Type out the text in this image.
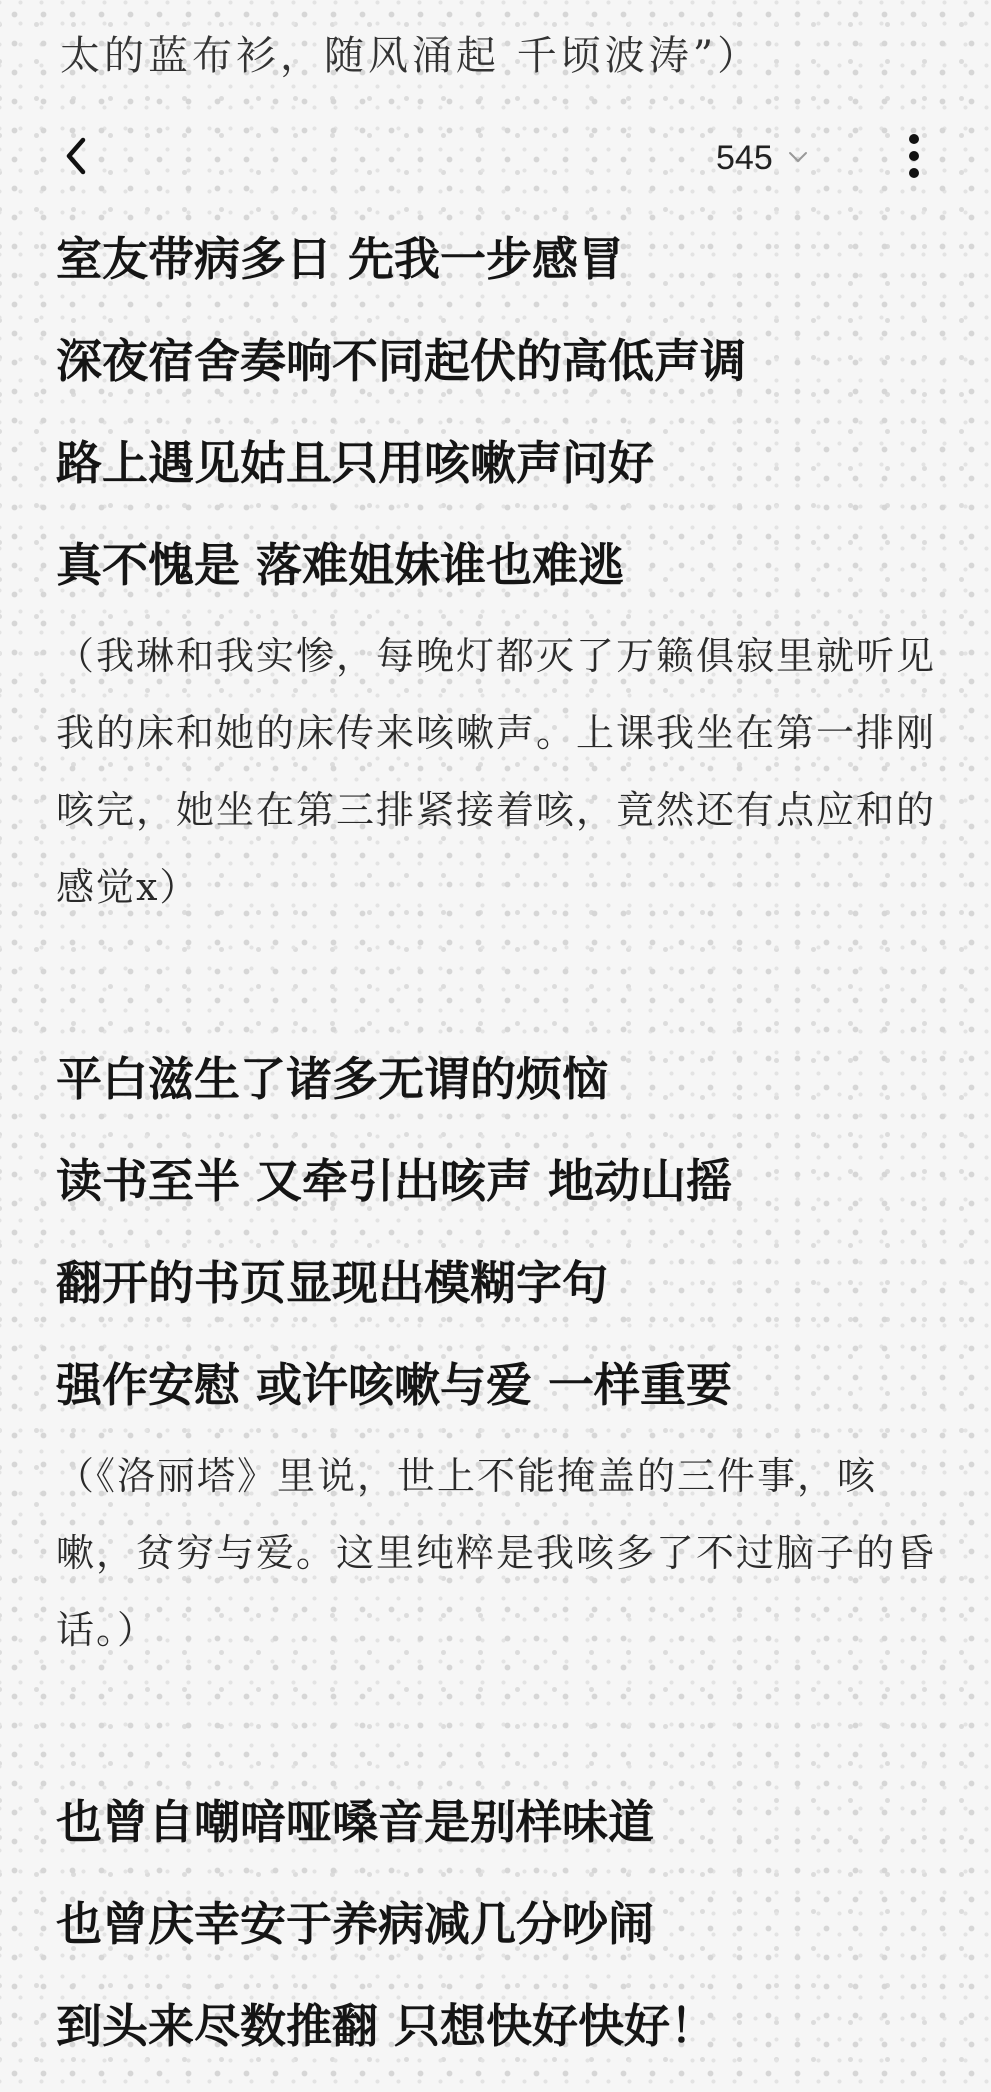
太的蓝布衫，随风涌起 千顷波涛”）
545
室友带病多日 先我一步感冒
深夜宿舍奏响不同起伏的高低声调
路上遇见姑且只用咳嗽声问好
真不愧是 落难姐妹谁也难逃
（我琳和我实惨，每晚灯都灭了万籁俱寂里就听见我的床和她的床传来咳嗽声。上课我坐在第一排刚咳完，她坐在第三排紧接着咳，竟然还有点应和的感觉x）
平白滋生了诸多无谓的烦恼
读书至半 又牵引出咳声 地动山摇
翻开的书页显现出模糊字句
强作安慰 或许咳嗽与爱 一样重要
（《洛丽塔》里说，世上不能掩盖的三件事，咳嗽，贫穷与爱。这里纯粹是我咳多了不过脑子的昏话。）
也曾自嘲喑哑嗓音是别样味道
也曾庆幸安于养病减几分吵闹
到头来尽数推翻 只想快好快好！
